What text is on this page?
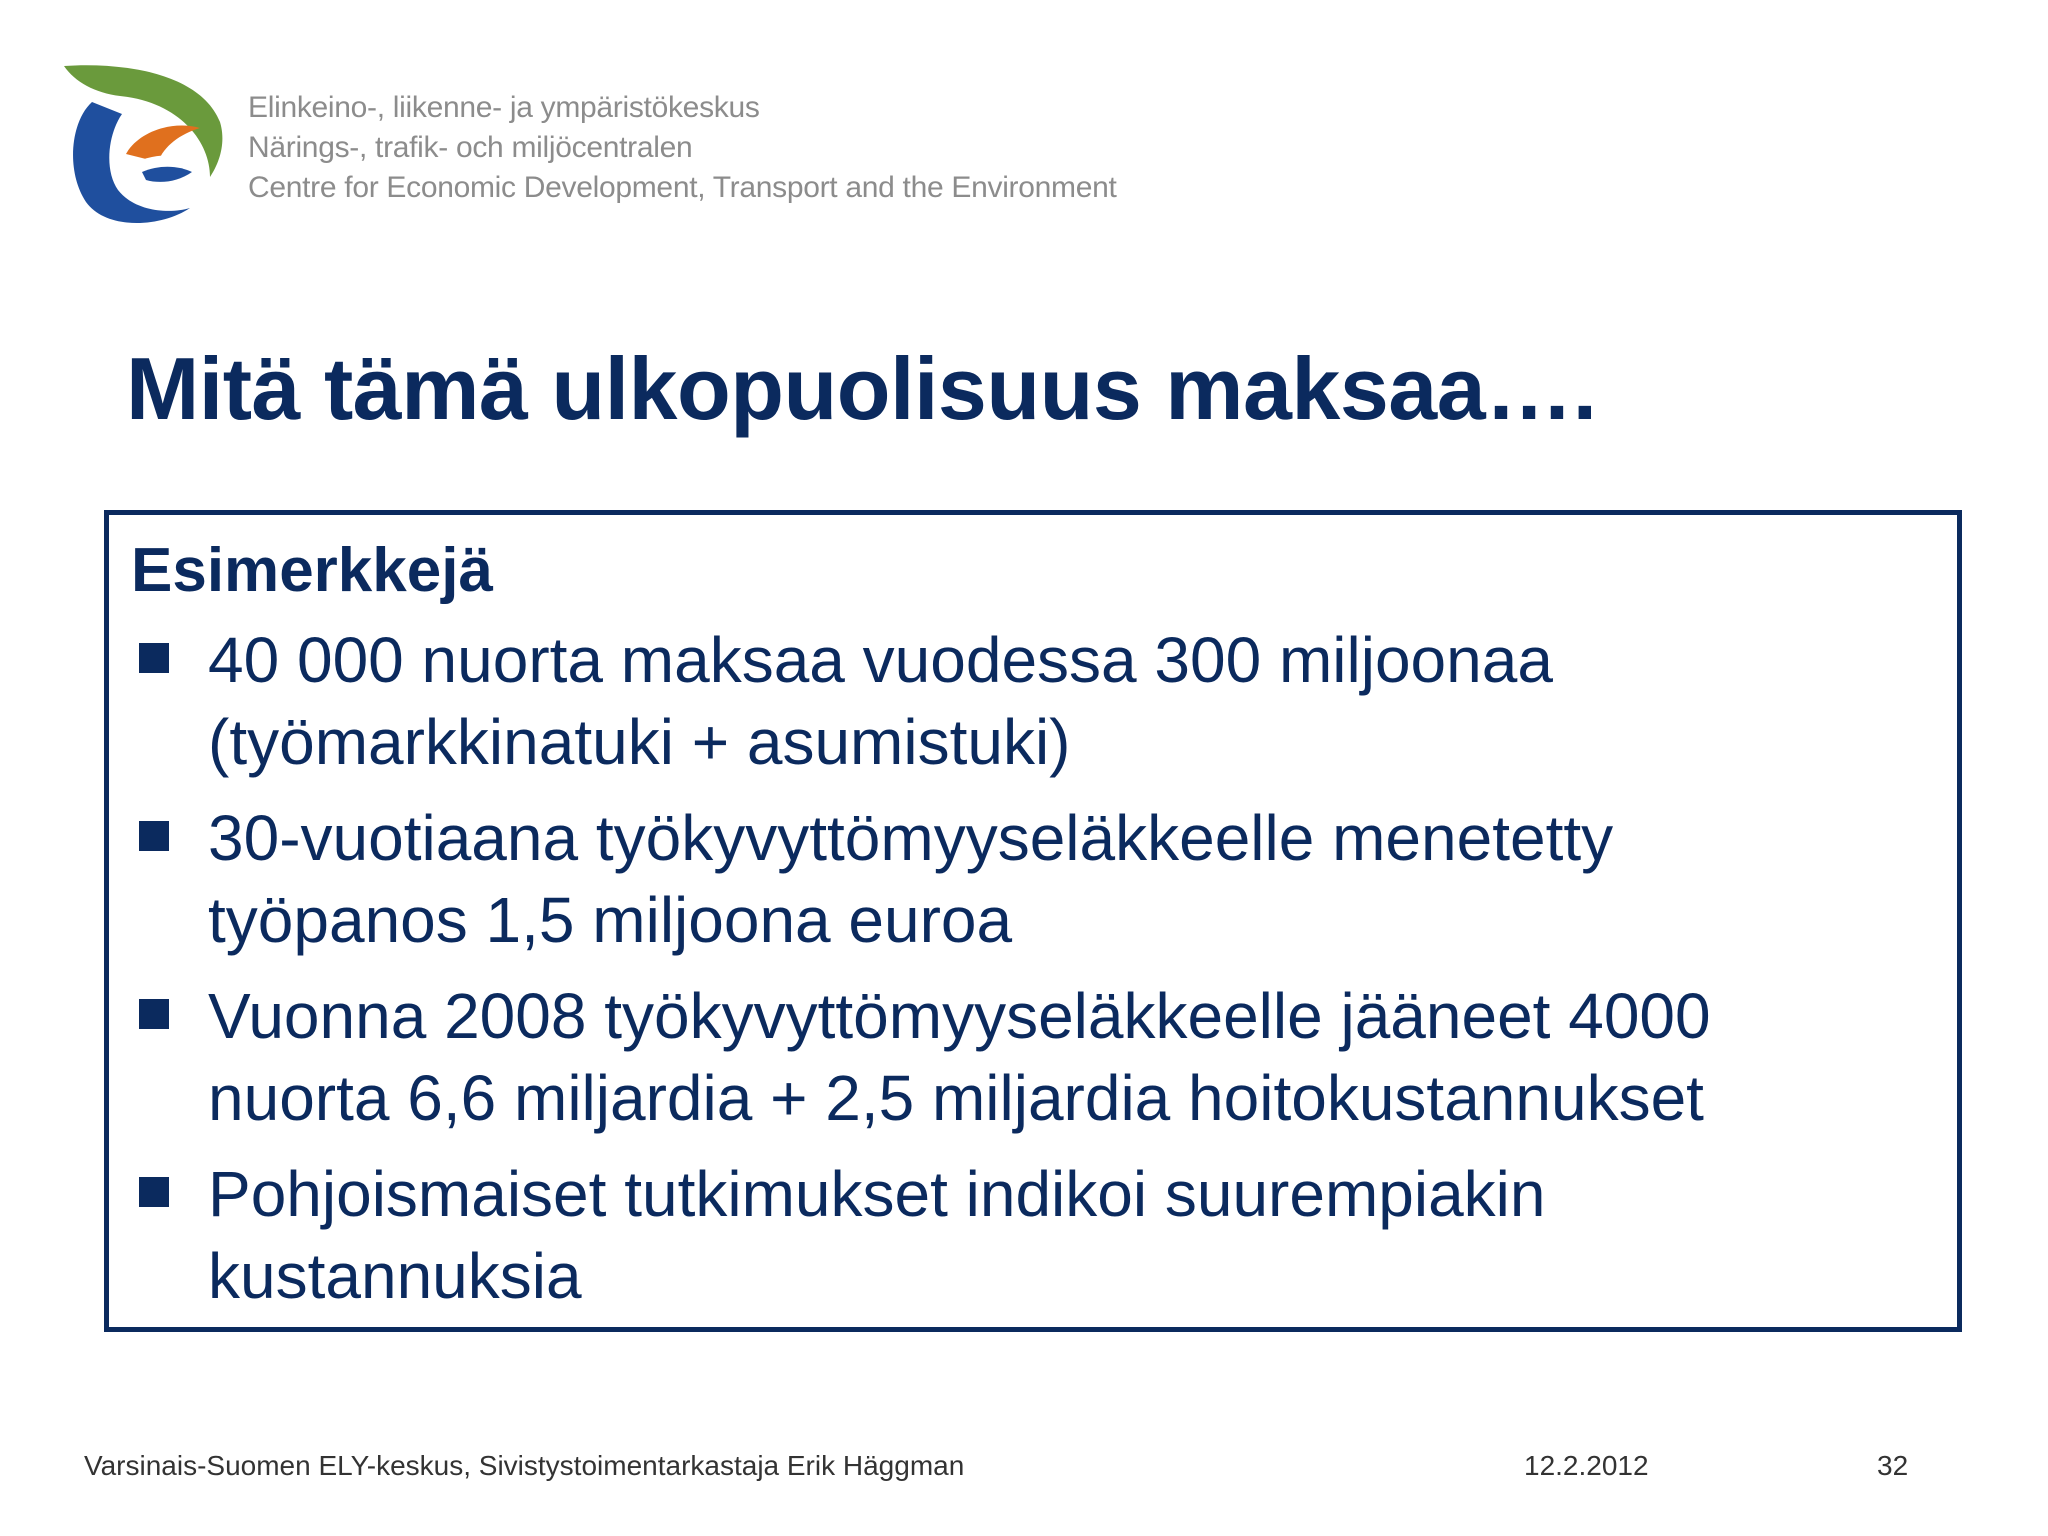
Elinkeino-, liikenne- ja ympäristökeskus
Närings-, trafik- och miljöcentralen
Centre for Economic Development, Transport and the Environment
Mitä tämä ulkopuolisuus maksaa….
Esimerkkejä
40 000 nuorta maksaa vuodessa 300 miljoonaa
(työmarkkinatuki + asumistuki)
30-vuotiaana työkyvyttömyyseläkkeelle menetetty
työpanos 1,5 miljoona euroa
Vuonna 2008 työkyvyttömyyseläkkeelle jääneet 4000
nuorta 6,6 miljardia + 2,5 miljardia hoitokustannukset
Pohjoismaiset tutkimukset indikoi suurempiakin
kustannuksia
Varsinais-Suomen ELY-keskus, Sivistystoimentarkastaja Erik Häggman	12.2.2012	32
